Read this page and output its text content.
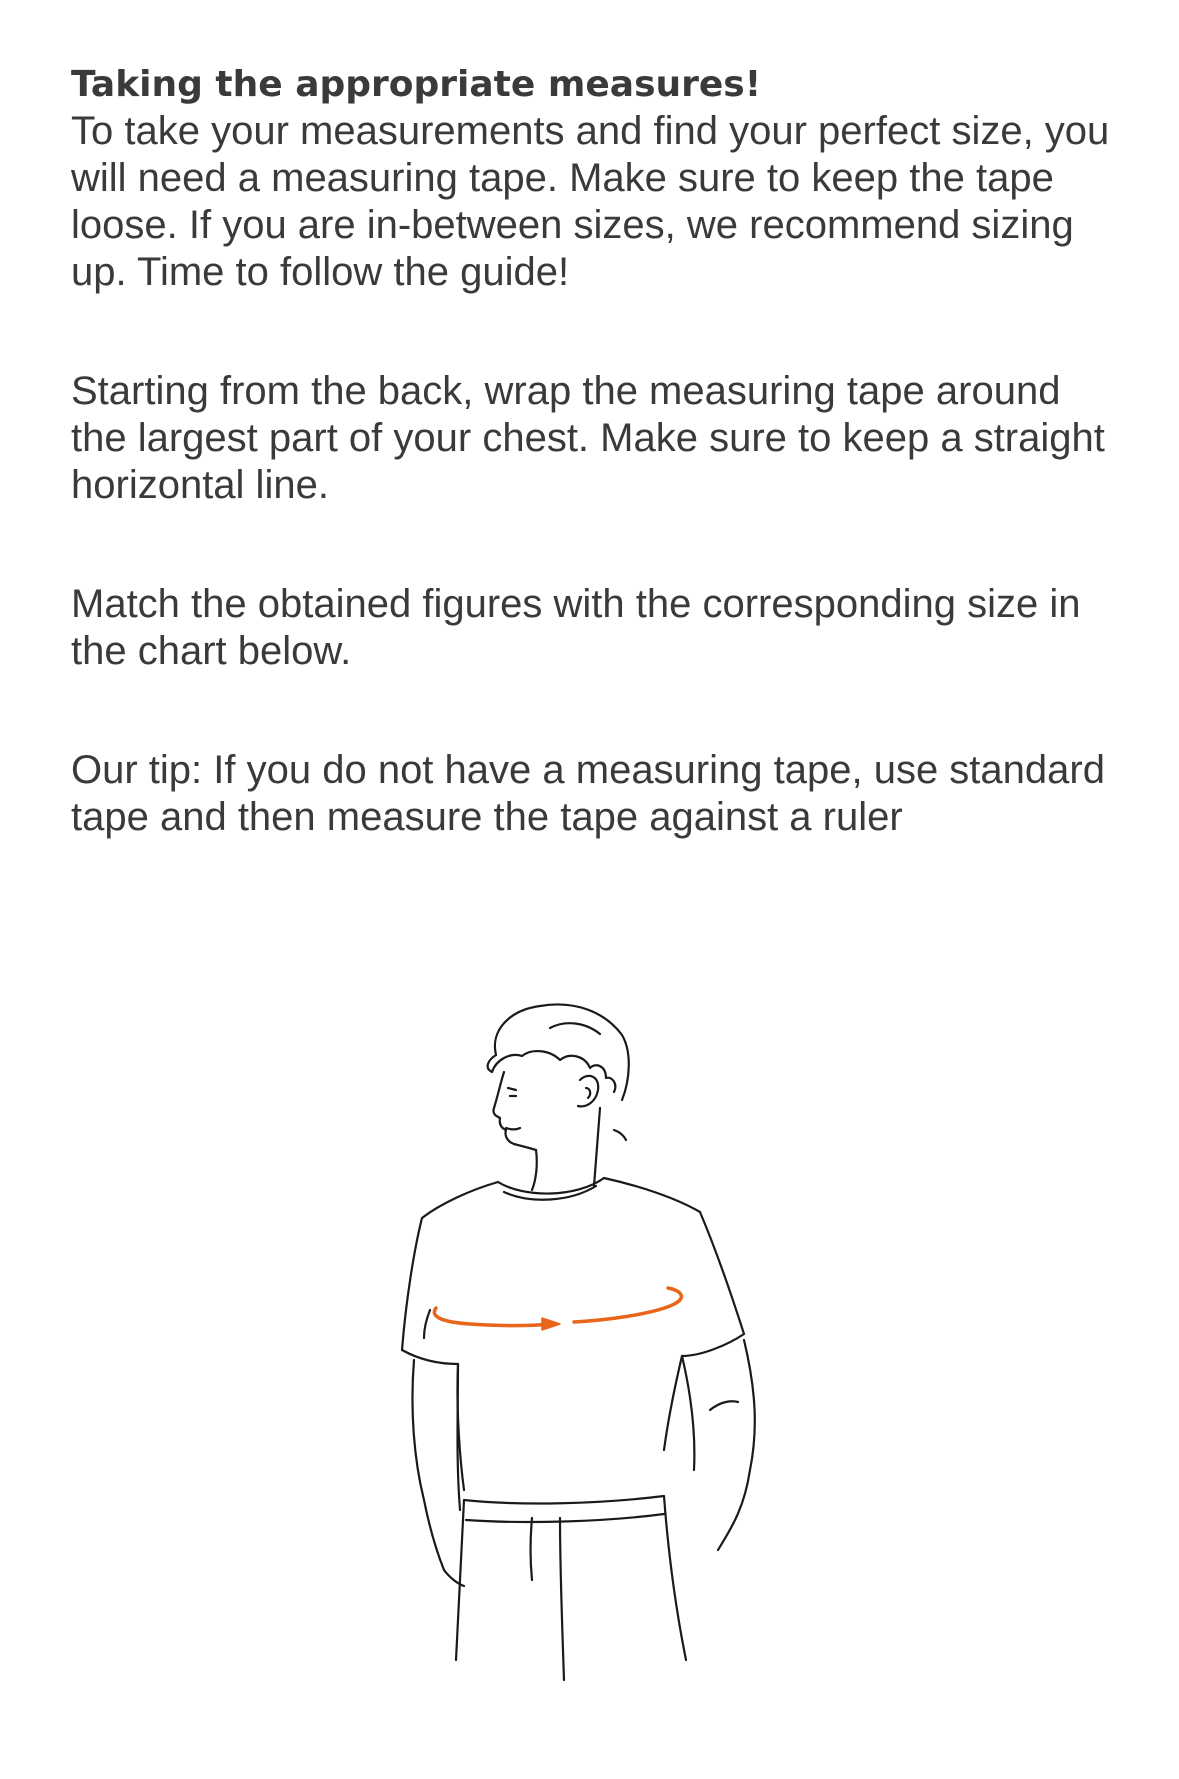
Taking the appropriate measures!

To take your measurements and find your perfect size, you will need a measuring tape. Make sure to keep the tape loose. If you are in-between sizes, we recommend sizing up. Time to follow the guide!

Starting from the back, wrap the measuring tape around the largest part of your chest. Make sure to keep a straight horizontal line.

Match the obtained figures with the corresponding size in the chart below.

Our tip: If you do not have a measuring tape, use standard tape and then measure the tape against a ruler
